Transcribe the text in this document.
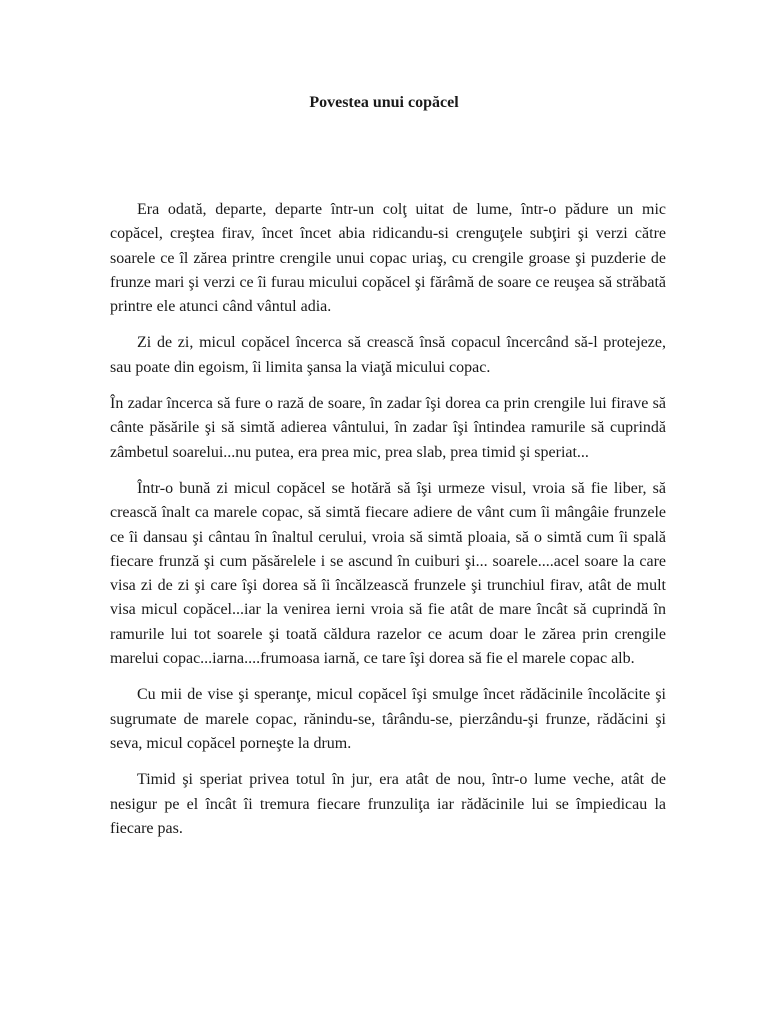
Povestea unui copăcel

Era odată, departe, departe într-un colţ uitat de lume, într-o pădure un mic copăcel, creştea firav, încet încet abia ridicandu-si crenguţele subţiri şi verzi către soarele ce îl zărea printre crengile unui copac uriaş, cu crengile groase şi puzderie de frunze mari şi verzi ce îi furau micului copăcel şi fărâmă de soare ce reuşea să străbată printre ele atunci când vântul adia.

Zi de zi, micul copăcel încerca să crească însă copacul încercând să-l protejeze, sau poate din egoism, îi limita şansa la viaţă micului copac.

În zadar încerca să fure o rază de soare, în zadar îşi dorea ca prin crengile lui firave să cânte păsările şi să simtă adierea vântului, în zadar îşi întindea ramurile să cuprindă zâmbetul soarelui...nu putea, era prea mic, prea slab, prea timid şi speriat...

Într-o bună zi micul copăcel se hotără să îşi urmeze visul, vroia să fie liber, să crească înalt ca marele copac, să simtă fiecare adiere de vânt cum îi mângâie frunzele ce îi dansau şi cântau în înaltul cerului, vroia să simtă ploaia, să o simtă cum îi spală fiecare frunză şi cum păsărelele i se ascund în cuiburi şi... soarele....acel soare la care visa zi de zi şi care îşi dorea să îi încălzească frunzele şi trunchiul firav, atât de mult visa micul copăcel...iar la venirea ierni vroia să fie atât de mare încât să cuprindă în ramurile lui tot soarele şi toată căldura razelor ce acum doar le zărea prin crengile marelui copac...iarna....frumoasa iarnă, ce tare îşi dorea să fie el marele copac alb.

Cu mii de vise şi speranţe, micul copăcel îşi smulge încet rădăcinile încolăcite şi sugrumate de marele copac, rănindu-se, târându-se, pierzându-şi frunze, rădăcini şi seva, micul copăcel porneşte la drum.

Timid şi speriat privea totul în jur, era atât de nou, într-o lume veche, atât de nesigur pe el încât îi tremura fiecare frunzuliţa iar rădăcinile lui se împiedicau la fiecare pas.
